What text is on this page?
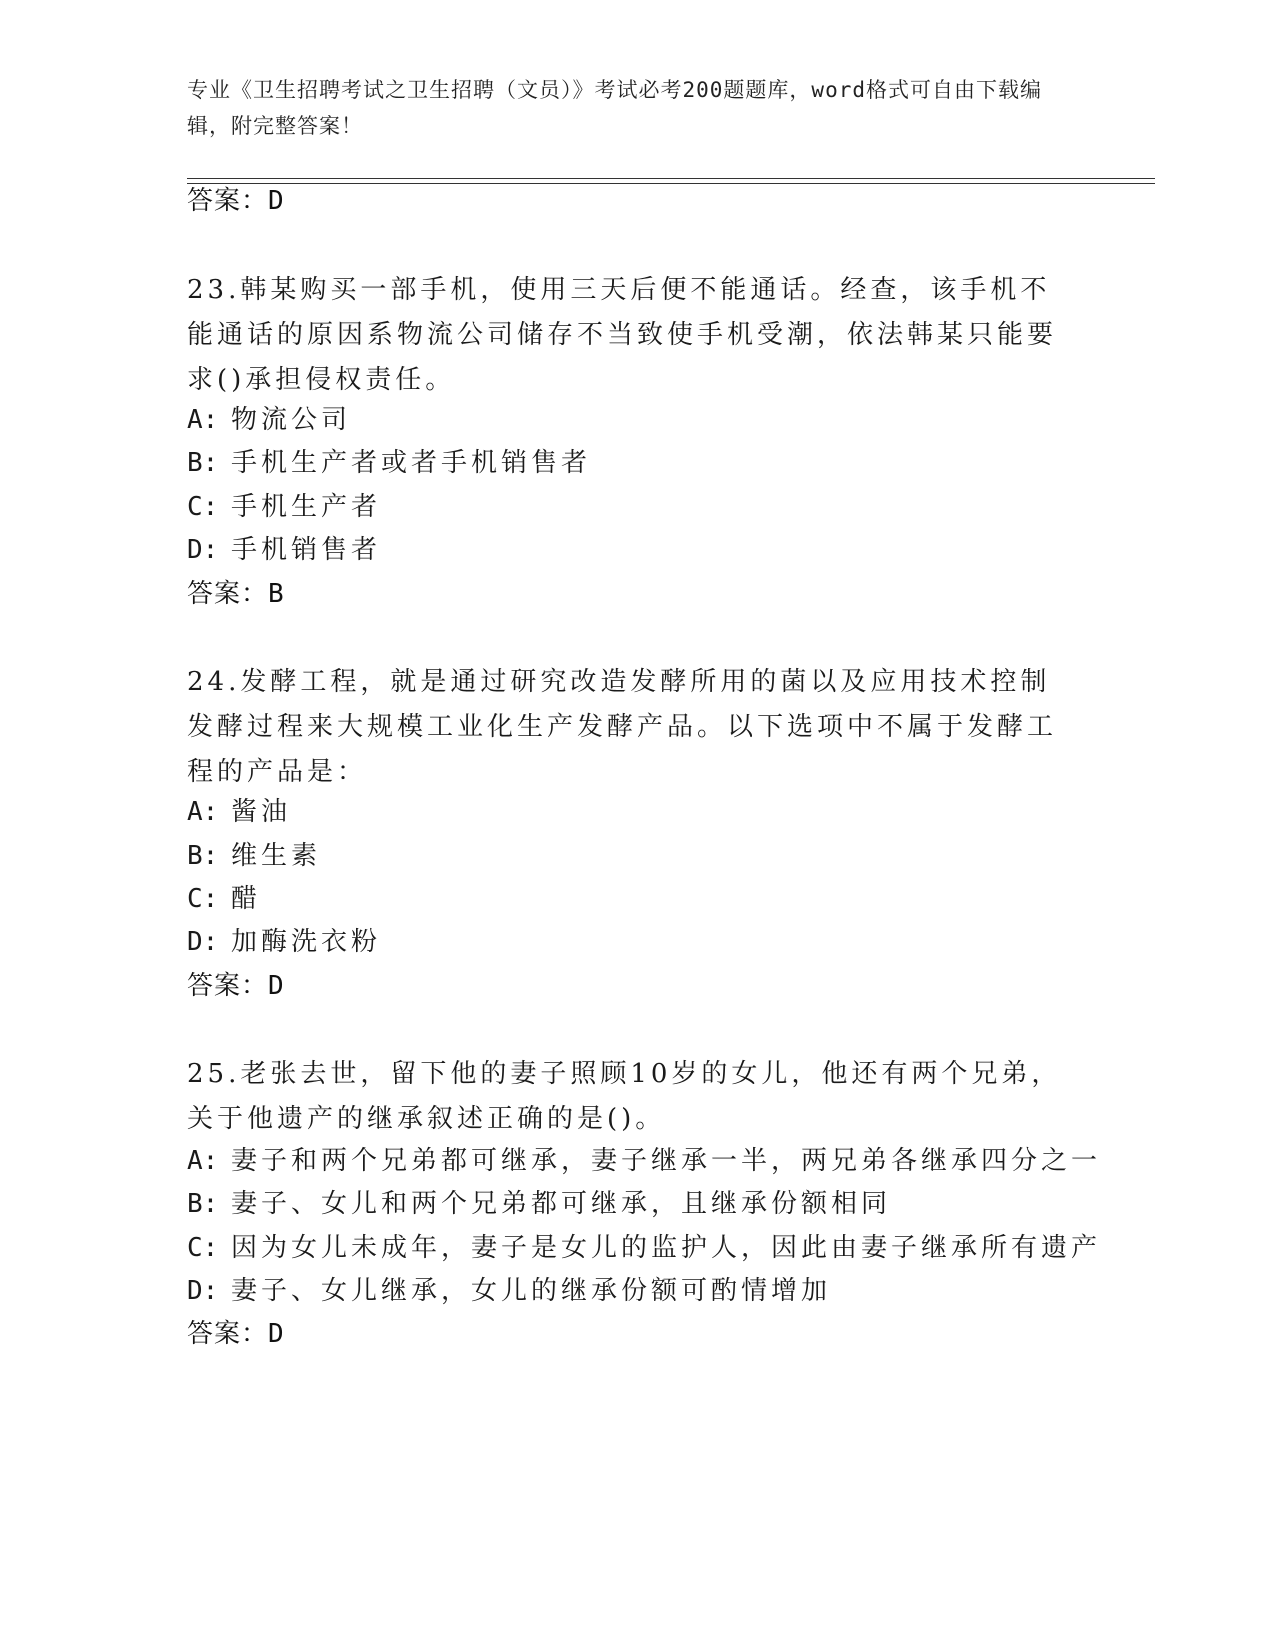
专业《卫生招聘考试之卫生招聘（文员）》考试必考200题题库，word格式可自由下载编辑，附完整答案！
答案：D
23.韩某购买一部手机，使用三天后便不能通话。经查，该手机不能通话的原因系物流公司储存不当致使手机受潮，依法韩某只能要求()承担侵权责任。
A: 物流公司
B: 手机生产者或者手机销售者
C: 手机生产者
D: 手机销售者
答案：B
24.发酵工程，就是通过研究改造发酵所用的菌以及应用技术控制发酵过程来大规模工业化生产发酵产品。以下选项中不属于发酵工程的产品是：
A: 酱油
B: 维生素
C: 醋
D: 加酶洗衣粉
答案：D
25.老张去世，留下他的妻子照顾10岁的女儿，他还有两个兄弟，关于他遗产的继承叙述正确的是()。
A: 妻子和两个兄弟都可继承，妻子继承一半，两兄弟各继承四分之一
B: 妻子、女儿和两个兄弟都可继承，且继承份额相同
C: 因为女儿未成年，妻子是女儿的监护人，因此由妻子继承所有遗产
D: 妻子、女儿继承，女儿的继承份额可酌情增加
答案：D
